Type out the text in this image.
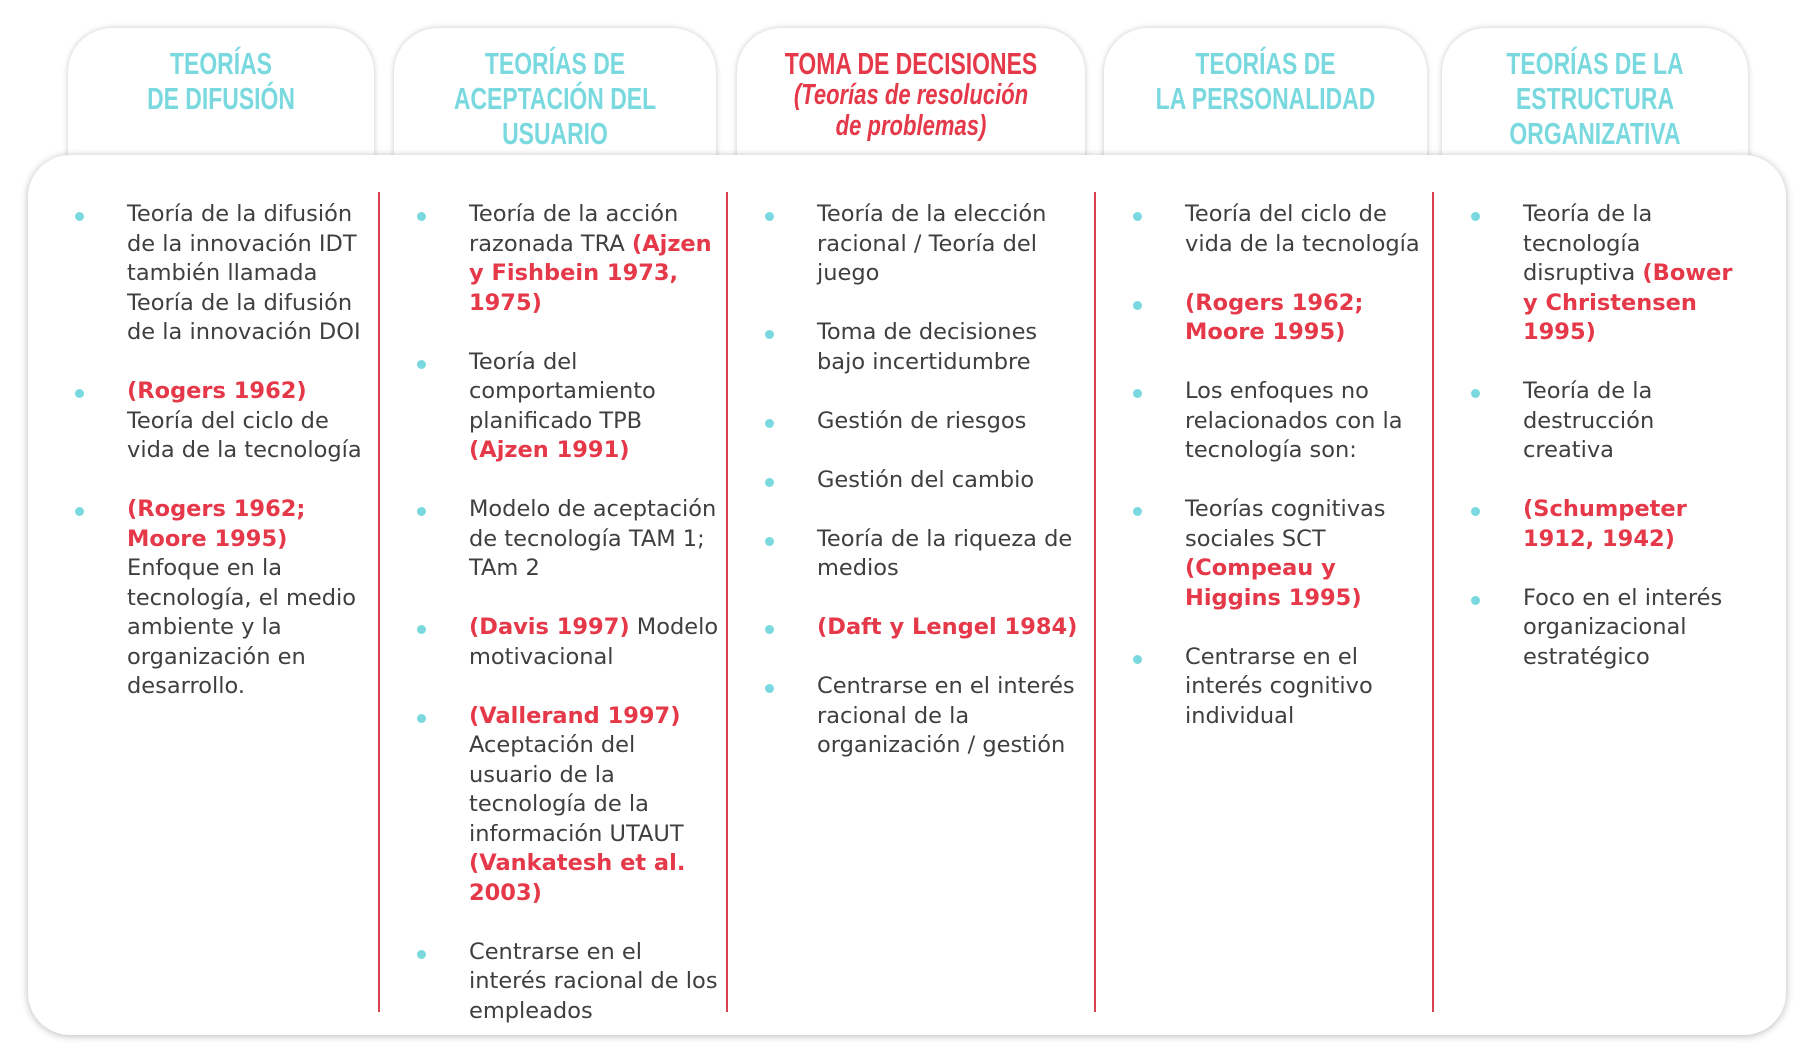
TEORÍAS
DE DIFUSIÓN
TEORÍAS DE
ACEPTACIÓN DEL USUARIO
TOMA DE DECISIONES
(Teorías de resolución
de problemas)
TEORÍAS DE
LA PERSONALIDAD
TEORÍAS DE LA
ESTRUCTURA
ORGANIZATIVA
Teoría de la difusión de la innovación IDT también llamada Teoría de la difusión de la innovación DOI
(Rogers 1962) Teoría del ciclo de vida de la tecnología
(Rogers 1962; Moore 1995) Enfoque en la tecnología, el medio ambiente y la organización en desarrollo.
Teoría de la acción razonada TRA (Ajzen y Fishbein 1973, 1975)
Teoría del comportamiento planificado TPB (Ajzen 1991)
Modelo de aceptación de tecnología TAM 1; TAm 2
(Davis 1997) Modelo motivacional
(Vallerand 1997) Aceptación del usuario de la tecnología de la información UTAUT (Vankatesh et al. 2003)
Centrarse en el interés racional de los empleados
Teoría de la elección racional / Teoría del juego
Toma de decisiones bajo incertidumbre
Gestión de riesgos
Gestión del cambio
Teoría de la riqueza de medios
(Daft y Lengel 1984)
Centrarse en el interés racional de la organización / gestión
Teoría del ciclo de vida de la tecnología
(Rogers 1962; Moore 1995)
Los enfoques no relacionados con la tecnología son:
Teorías cognitivas sociales SCT (Compeau y Higgins 1995)
Centrarse en el interés cognitivo individual
Teoría de la tecnología disruptiva (Bower y Christensen 1995)
Teoría de la destrucción creativa
(Schumpeter 1912, 1942)
Foco en el interés organizacional estratégico
